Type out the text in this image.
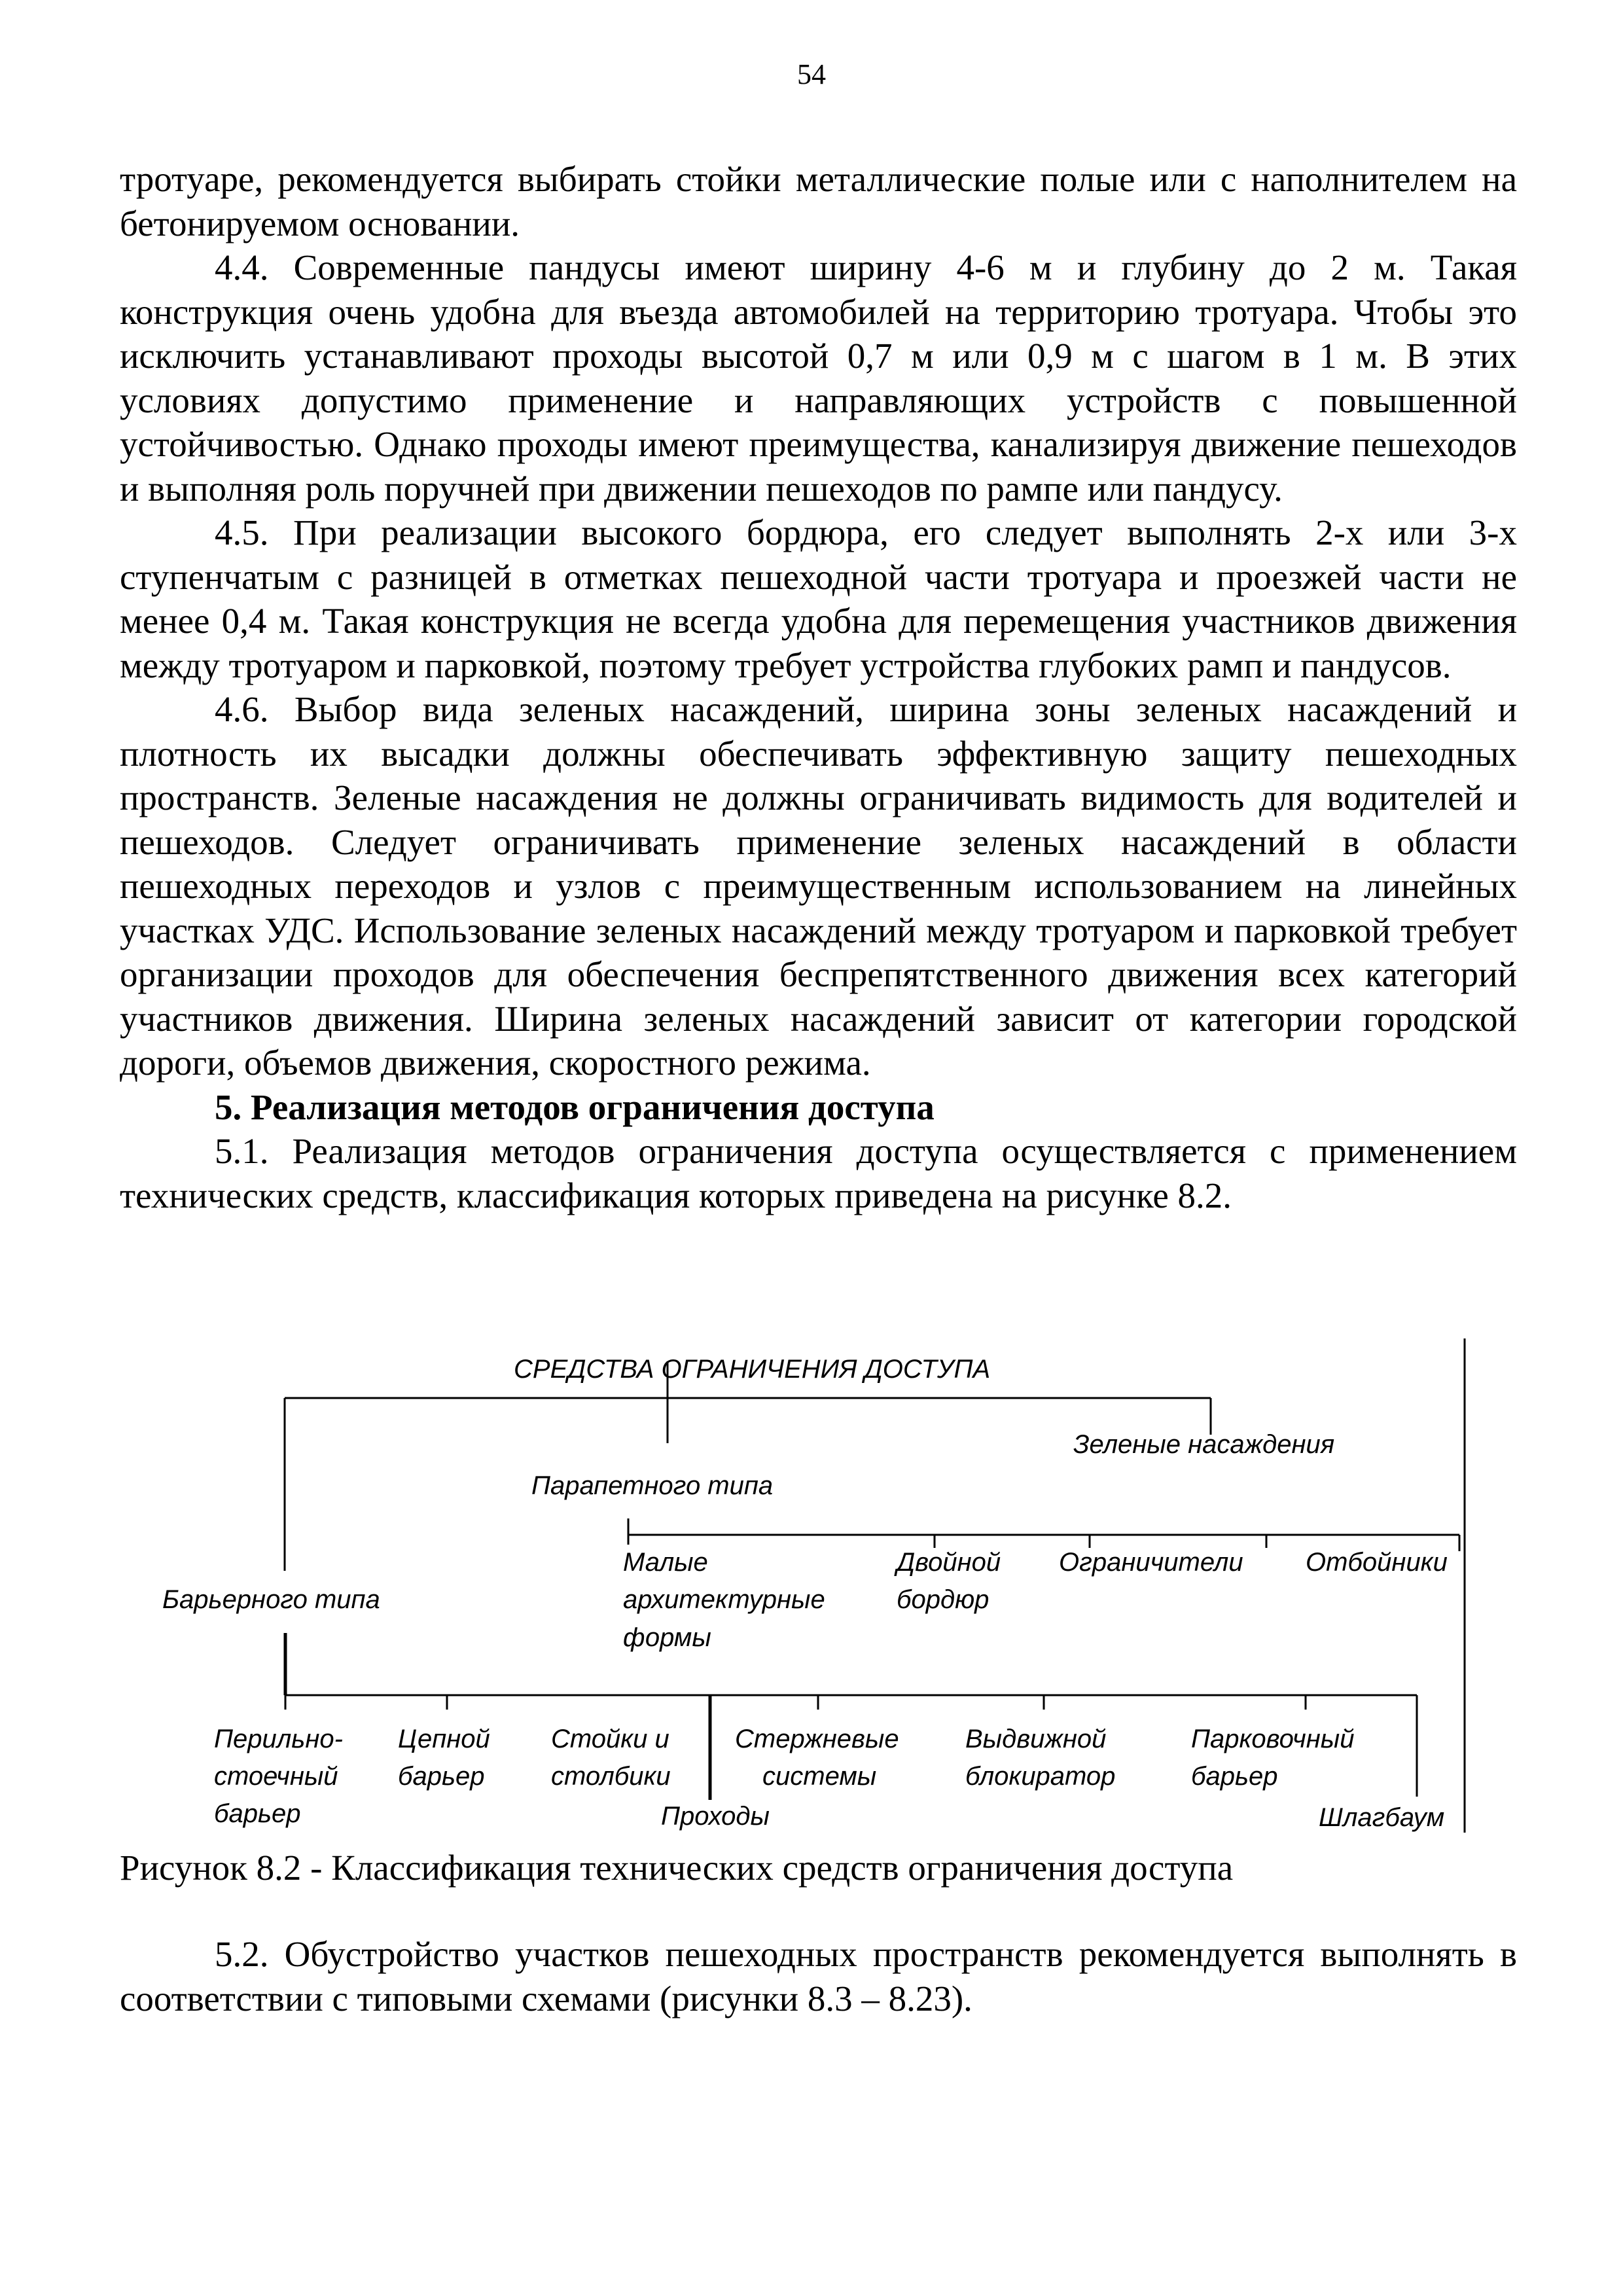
54

тротуаре, рекомендуется выбирать стойки металлические полые или с наполнителем на бетонируемом основании.

4.4. Современные пандусы имеют ширину 4-6 м и глубину до 2 м. Такая конструкция очень удобна для въезда автомобилей на территорию тротуара. Чтобы это исключить устанавливают проходы высотой 0,7 м или 0,9 м с шагом в 1 м. В этих условиях допустимо применение и направляющих устройств с повышенной устойчивостью. Однако проходы имеют преимущества, канализируя движение пешеходов и выполняя роль поручней при движении пешеходов по рампе или пандусу.

4.5. При реализации высокого бордюра, его следует выполнять 2-х или 3-х ступенчатым с разницей в отметках пешеходной части тротуара и проезжей части не менее 0,4 м. Такая конструкция не всегда удобна для перемещения участников движения между тротуаром и парковкой, поэтому требует устройства глубоких рамп и пандусов.

4.6. Выбор вида зеленых насаждений, ширина зоны зеленых насаждений и плотность их высадки должны обеспечивать эффективную защиту пешеходных пространств. Зеленые насаждения не должны ограничивать видимость для водителей и пешеходов. Следует ограничивать применение зеленых насаждений в области пешеходных переходов и узлов с преимущественным использованием на линейных участках УДС. Использование зеленых насаждений между тротуаром и парковкой требует организации проходов для обеспечения беспрепятственного движения всех категорий участников движения. Ширина зеленых насаждений зависит от категории городской дороги, объемов движения, скоростного режима.

5. Реализация методов ограничения доступа

5.1. Реализация методов ограничения доступа осуществляется с применением технических средств, классификация которых приведена на рисунке 8.2.

СРЕДСТВА ОГРАНИЧЕНИЯ ДОСТУПА
Зеленые насаждения
Парапетного типа
Малые
архитектурные
формы
Двойной
бордюр
Ограничители Отбойники
Барьерного типа
Перильно-
стоечный
барьер
Цепной
барьер
Стойки и
столбики
Проходы
Стержневые
системы
Выдвижной
блокиратор
Парковочный
барьер
Шлагбаум
Рисунок 8.2 - Классификация технических средств ограничения доступа

5.2. Обустройство участков пешеходных пространств рекомендуется выполнять в соответствии с типовыми схемами (рисунки 8.3 – 8.23).
